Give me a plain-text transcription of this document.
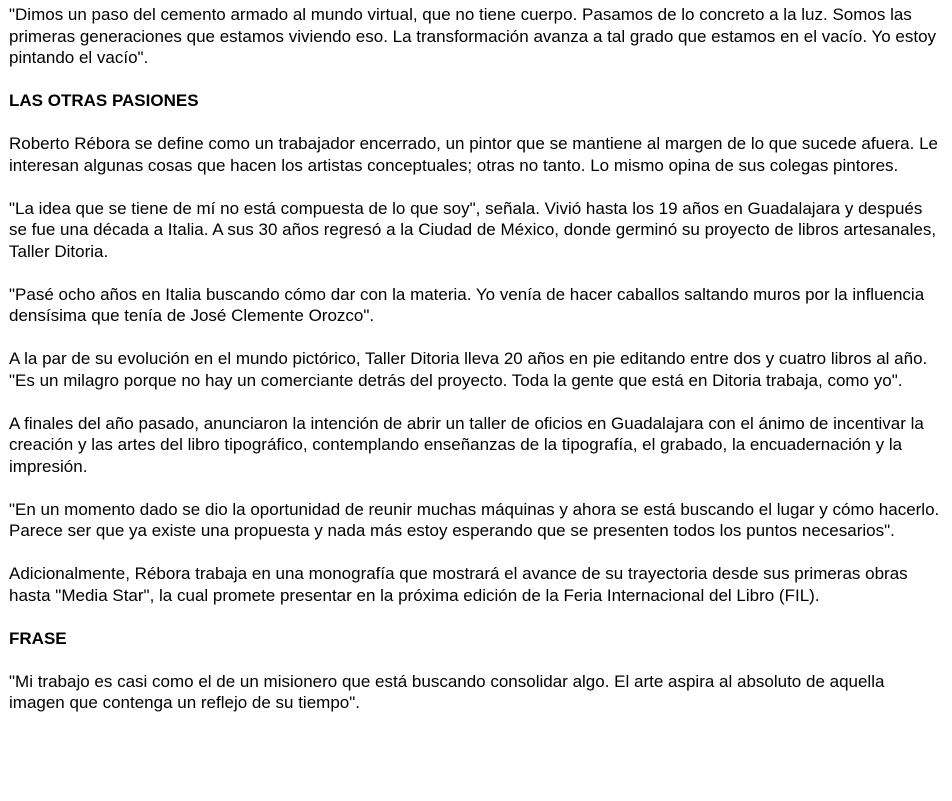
"Dimos un paso del cemento armado al mundo virtual, que no tiene cuerpo. Pasamos de lo concreto a la luz. Somos las primeras generaciones que estamos viviendo eso. La transformación avanza a tal grado que estamos en el vacío. Yo estoy pintando el vacío".

LAS OTRAS PASIONES

Roberto Rébora se define como un trabajador encerrado, un pintor que se mantiene al margen de lo que sucede afuera. Le interesan algunas cosas que hacen los artistas conceptuales; otras no tanto. Lo mismo opina de sus colegas pintores.

"La idea que se tiene de mí no está compuesta de lo que soy", señala. Vivió hasta los 19 años en Guadalajara y después se fue una década a Italia. A sus 30 años regresó a la Ciudad de México, donde germinó su proyecto de libros artesanales, Taller Ditoria.

"Pasé ocho años en Italia buscando cómo dar con la materia. Yo venía de hacer caballos saltando muros por la influencia densísima que tenía de José Clemente Orozco".

A la par de su evolución en el mundo pictórico, Taller Ditoria lleva 20 años en pie editando entre dos y cuatro libros al año. "Es un milagro porque no hay un comerciante detrás del proyecto. Toda la gente que está en Ditoria trabaja, como yo".

A finales del año pasado, anunciaron la intención de abrir un taller de oficios en Guadalajara con el ánimo de incentivar la creación y las artes del libro tipográfico, contemplando enseñanzas de la tipografía, el grabado, la encuadernación y la impresión.

"En un momento dado se dio la oportunidad de reunir muchas máquinas y ahora se está buscando el lugar y cómo hacerlo. Parece ser que ya existe una propuesta y nada más estoy esperando que se presenten todos los puntos necesarios".

Adicionalmente, Rébora trabaja en una monografía que mostrará el avance de su trayectoria desde sus primeras obras hasta "Media Star", la cual promete presentar en la próxima edición de la Feria Internacional del Libro (FIL).

FRASE

"Mi trabajo es casi como el de un misionero que está buscando consolidar algo. El arte aspira al absoluto de aquella imagen que contenga un reflejo de su tiempo".
